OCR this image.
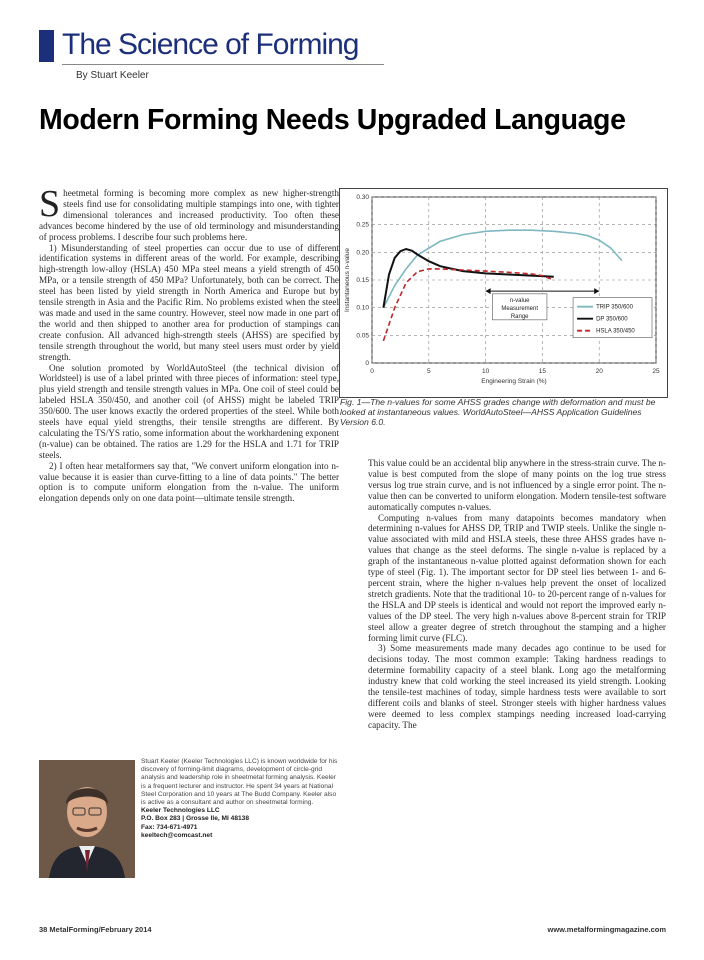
The Science of Forming
By Stuart Keeler
Modern Forming Needs Upgraded Language

Sheetmetal forming is becoming more complex as new higher-strength steels find use for consolidating multiple stampings into one, with tighter dimensional tolerances and increased productivity. Too often these advances become hindered by the use of old terminology and misunderstanding of process problems. I describe four such problems here.

1) Misunderstanding of steel properties can occur due to use of different identification systems in different areas of the world. For example, describing high-strength low-alloy (HSLA) 450 MPa steel means a yield strength of 450 MPa, or a tensile strength of 450 MPa? Unfortunately, both can be correct. The steel has been listed by yield strength in North America and Europe but by tensile strength in Asia and the Pacific Rim. No problems existed when the steel was made and used in the same country. However, steel now made in one part of the world and then shipped to another area for production of stampings can create confusion. All advanced high-strength steels (AHSS) are specified by tensile strength throughout the world, but many steel users must order by yield strength.

One solution promoted by WorldAutoSteel (the technical division of Worldsteel) is use of a label printed with three pieces of information: steel type, plus yield strength and tensile strength values in MPa. One coil of steel could be labeled HSLA 350/450, and another coil (of AHSS) might be labeled TRIP 350/600. The user knows exactly the ordered properties of the steel. While both steels have equal yield strengths, their tensile strengths are different. By calculating the TS/YS ratio, some information about the workhardening exponent (n-value) can be obtained. The ratios are 1.29 for the HSLA and 1.71 for TRIP steels.

2) I often hear metalformers say that, "We convert uniform elongation into n-value because it is easier than curve-fitting to a line of data points." The better option is to compute uniform elongation from the n-value. The uniform elongation depends only on one data point—ultimate tensile strength.

0	5	10	15	20	25
0
0.05
0.10
0.15
0.20
0.25
0.30
Engineering Strain (%)
Instantaneous n-value	n-value
Measurement
Range
TRIP 350/600
DP 350/600
HSLA 350/450
Fig. 1—The n-values for some AHSS grades change with deformation and must be looked at instantaneous values. WorldAutoSteel—AHSS Application Guidelines Version 6.0.

This value could be an accidental blip anywhere in the stress-strain curve. The n-value is best computed from the slope of many points on the log true stress versus log true strain curve, and is not influenced by a single error point. The n-value then can be converted to uniform elongation. Modern tensile-test software automatically computes n-values.

Computing n-values from many datapoints becomes mandatory when determining n-values for AHSS DP, TRIP and TWIP steels. Unlike the single n-value associated with mild and HSLA steels, these three AHSS grades have n-values that change as the steel deforms. The single n-value is replaced by a graph of the instantaneous n-value plotted against deformation shown for each type of steel (Fig. 1). The important sector for DP steel lies between 1- and 6-percent strain, where the higher n-values help prevent the onset of localized stretch gradients. Note that the traditional 10- to 20-percent range of n-values for the HSLA and DP steels is identical and would not report the improved early n-values of the DP steel. The very high n-values above 8-percent strain for TRIP steel allow a greater degree of stretch throughout the stamping and a higher forming limit curve (FLC).

3) Some measurements made many decades ago continue to be used for decisions today. The most common example: Taking hardness readings to determine formability capacity of a steel blank. Long ago the metalforming industry knew that cold working the steel increased its yield strength. Looking the tensile-test machines of today, simple hardness tests were available to sort different coils and blanks of steel. Stronger steels with higher hardness values were deemed to less complex stampings needing increased load-carrying capacity. The

Stuart Keeler (Keeler Technologies LLC) is known worldwide for his discovery of forming-limit diagrams, development of circle-grid analysis and leadership role in sheetmetal forming analysis. Keeler is a frequent lecturer and instructor. He spent 34 years at National Steel Corporation and 10 years at The Budd Company. Keeler also is active as a consultant and author on sheetmetal forming.
Keeler Technologies LLC
P.O. Box 283 | Grosse Ile, MI 48138
Fax: 734-671-4971
keeltech@comcast.net
38 MetalForming/February 2014	www.metalformingmagazine.com
